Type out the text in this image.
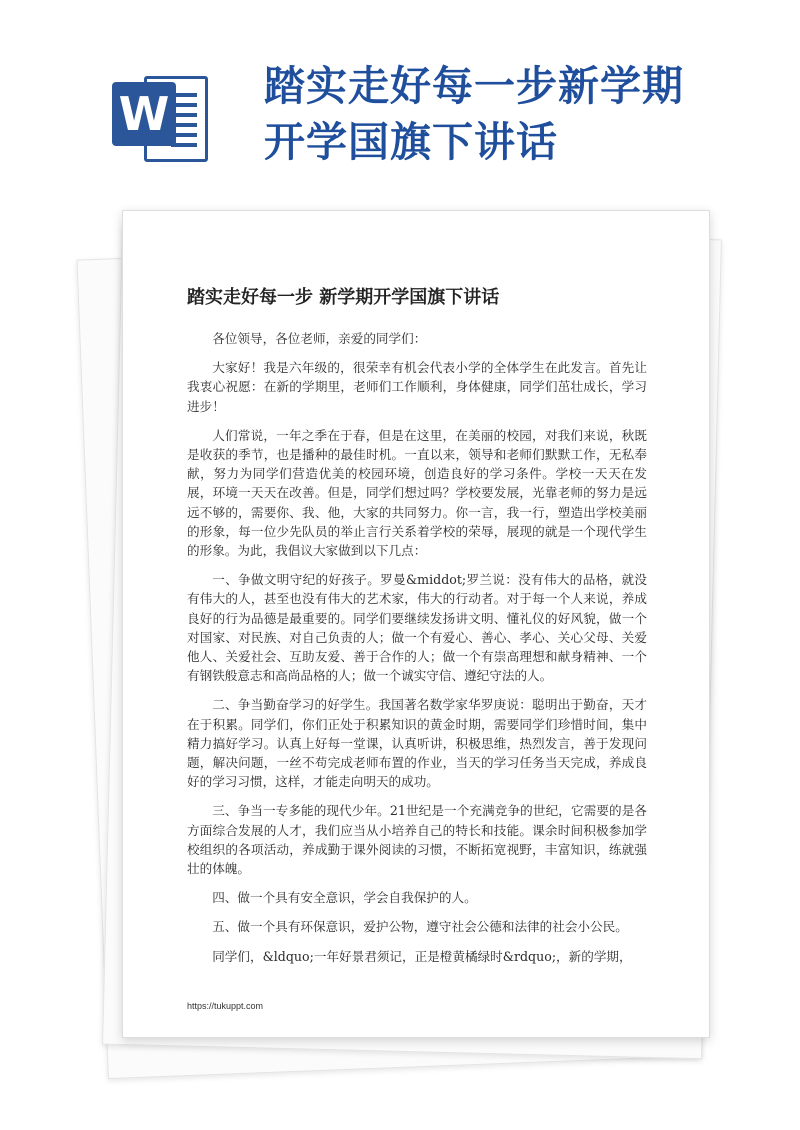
W
踏实走好每一步新学期
开学国旗下讲话
踏实走好每一步 新学期开学国旗下讲话

各位领导，各位老师，亲爱的同学们：

大家好！我是六年级的，很荣幸有机会代表小学的全体学生在此发言。首先让我衷心祝愿：在新的学期里，老师们工作顺利，身体健康，同学们茁壮成长，学习进步！

人们常说，一年之季在于春，但是在这里，在美丽的校园，对我们来说，秋既是收获的季节，也是播种的最佳时机。一直以来，领导和老师们默默工作，无私奉献，努力为同学们营造优美的校园环境，创造良好的学习条件。学校一天天在发展，环境一天天在改善。但是，同学们想过吗？学校要发展，光靠老师的努力是远远不够的，需要你、我、他，大家的共同努力。你一言，我一行，塑造出学校美丽的形象，每一位少先队员的举止言行关系着学校的荣辱，展现的就是一个现代学生的形象。为此，我倡议大家做到以下几点：

一、争做文明守纪的好孩子。罗曼&middot;罗兰说：没有伟大的品格，就没有伟大的人，甚至也没有伟大的艺术家，伟大的行动者。对于每一个人来说，养成良好的行为品德是最重要的。同学们要继续发扬讲文明、懂礼仪的好风貌，做一个对国家、对民族、对自己负责的人；做一个有爱心、善心、孝心、关心父母、关爱他人、关爱社会、互助友爱、善于合作的人；做一个有崇高理想和献身精神、一个有钢铁般意志和高尚品格的人；做一个诚实守信、遵纪守法的人。

二、争当勤奋学习的好学生。我国著名数学家华罗庚说：聪明出于勤奋，天才在于积累。同学们，你们正处于积累知识的黄金时期，需要同学们珍惜时间，集中精力搞好学习。认真上好每一堂课，认真听讲，积极思维，热烈发言，善于发现问题，解决问题，一丝不苟完成老师布置的作业，当天的学习任务当天完成，养成良好的学习习惯，这样，才能走向明天的成功。

三、争当一专多能的现代少年。21世纪是一个充满竞争的世纪，它需要的是各方面综合发展的人才，我们应当从小培养自己的特长和技能。课余时间积极参加学校组织的各项活动，养成勤于课外阅读的习惯，不断拓宽视野，丰富知识，练就强壮的体魄。

四、做一个具有安全意识，学会自我保护的人。

五、做一个具有环保意识，爱护公物，遵守社会公德和法律的社会小公民。

同学们，&ldquo;一年好景君须记，正是橙黄橘绿时&rdquo;，新的学期，

https://tukuppt.com
